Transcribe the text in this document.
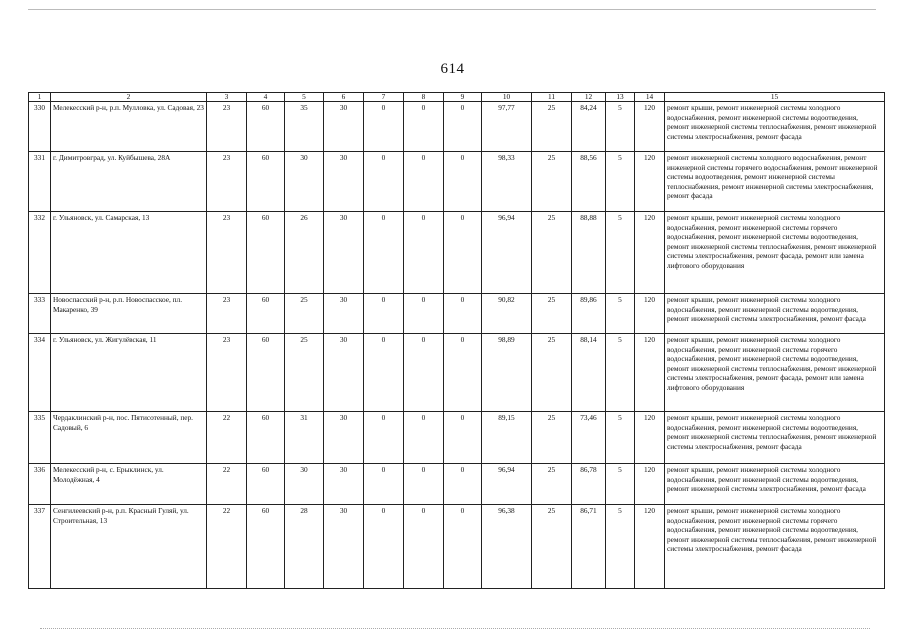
614
1	2	3	4	5	6	7	8	9	10	11	12	13	14	15
330	Мелекесский р-н, р.п. Мулловка, ул. Садовая, 23	23	60	35	30	0	0	0	97,77	25	84,24	5	120	ремонт крыши, ремонт инженерной системы холодного водоснабжения, ремонт инженерной системы водоотведения, ремонт инженерной системы теплоснабжения, ремонт инженерной системы электроснабжения, ремонт фасада
331	г. Димитровград, ул. Куйбышева, 28А	23	60	30	30	0	0	0	98,33	25	88,56	5	120	ремонт инженерной системы холодного водоснабжения, ремонт инженерной системы горячего водоснабжения, ремонт инженерной системы водоотведения, ремонт инженерной системы теплоснабжения, ремонт инженерной системы электроснабжения, ремонт фасада
332	г. Ульяновск, ул. Самарская, 13	23	60	26	30	0	0	0	96,94	25	88,88	5	120	ремонт крыши, ремонт инженерной системы холодного водоснабжения, ремонт инженерной системы горячего водоснабжения, ремонт инженерной системы водоотведения, ремонт инженерной системы теплоснабжения, ремонт инженерной системы электроснабжения, ремонт фасада, ремонт или замена лифтового оборудования
333	Новоспасский р-н, р.п. Новоспасское, пл. Макаренко, 39	23	60	25	30	0	0	0	90,82	25	89,86	5	120	ремонт крыши, ремонт инженерной системы холодного водоснабжения, ремонт инженерной системы водоотведения, ремонт инженерной системы электроснабжения, ремонт фасада
334	г. Ульяновск, ул. Жигулёвская, 11	23	60	25	30	0	0	0	98,89	25	88,14	5	120	ремонт крыши, ремонт инженерной системы холодного водоснабжения, ремонт инженерной системы горячего водоснабжения, ремонт инженерной системы водоотведения, ремонт инженерной системы теплоснабжения, ремонт инженерной системы электроснабжения, ремонт фасада, ремонт или замена лифтового оборудования
335	Чердаклинский р-н, пос. Пятисотенный, пер. Садовый, 6	22	60	31	30	0	0	0	89,15	25	73,46	5	120	ремонт крыши, ремонт инженерной системы холодного водоснабжения, ремонт инженерной системы водоотведения, ремонт инженерной системы теплоснабжения, ремонт инженерной системы электроснабжения, ремонт фасада
336	Мелекесский р-н, с. Ерыклинск, ул. Молодёжная, 4	22	60	30	30	0	0	0	96,94	25	86,78	5	120	ремонт крыши, ремонт инженерной системы холодного водоснабжения, ремонт инженерной системы водоотведения, ремонт инженерной системы электроснабжения, ремонт фасада
337	Сенгилеевский р-н, р.п. Красный Гуляй, ул. Строительная, 13	22	60	28	30	0	0	0	96,38	25	86,71	5	120	ремонт крыши, ремонт инженерной системы холодного водоснабжения, ремонт инженерной системы горячего водоснабжения, ремонт инженерной системы водоотведения, ремонт инженерной системы теплоснабжения, ремонт инженерной системы электроснабжения, ремонт фасада
